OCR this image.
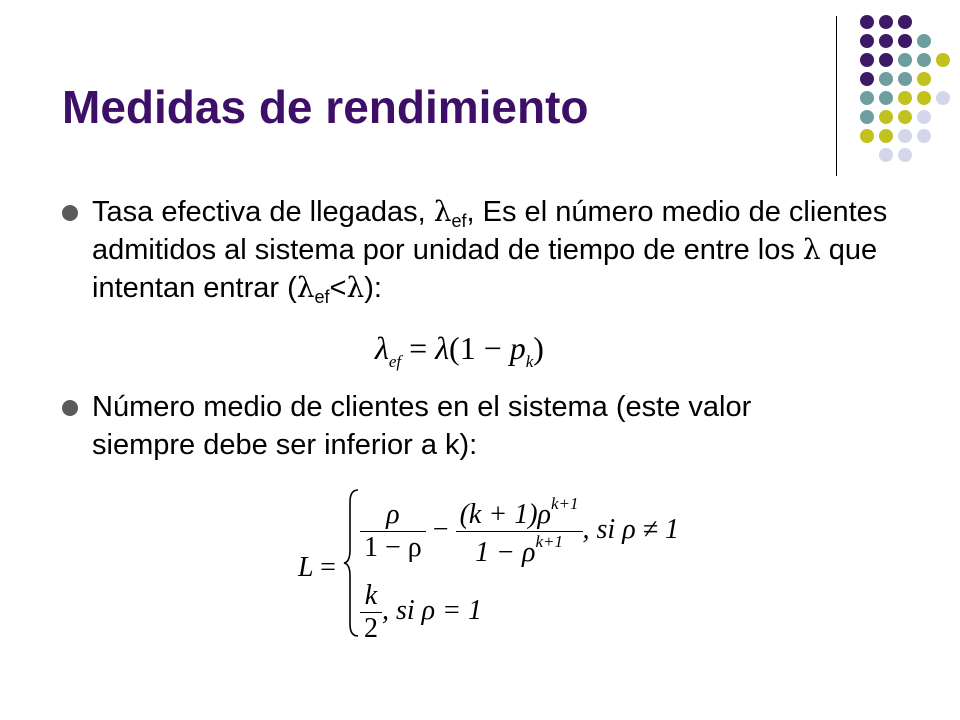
Medidas de rendimiento
Tasa efectiva de llegadas, $\lambda_{ef}$, Es el número medio de clientes admitidos al sistema por unidad de tiempo de entre los λ que intentan entrar $(\lambda_{ef}<\lambda)$:
$\lambda_{ef} = \lambda(1 - p_k)$
Número medio de clientes en el sistema (este valor siempre debe ser inferior a k):
L =
$\frac{\rho}{1 - \rho} - \frac{(k + 1)\rho^{k+1}}{1 - \rho^{k+1}}$ , si ρ ≠ 1
$\frac{k}{2}$ , si ρ = 1
